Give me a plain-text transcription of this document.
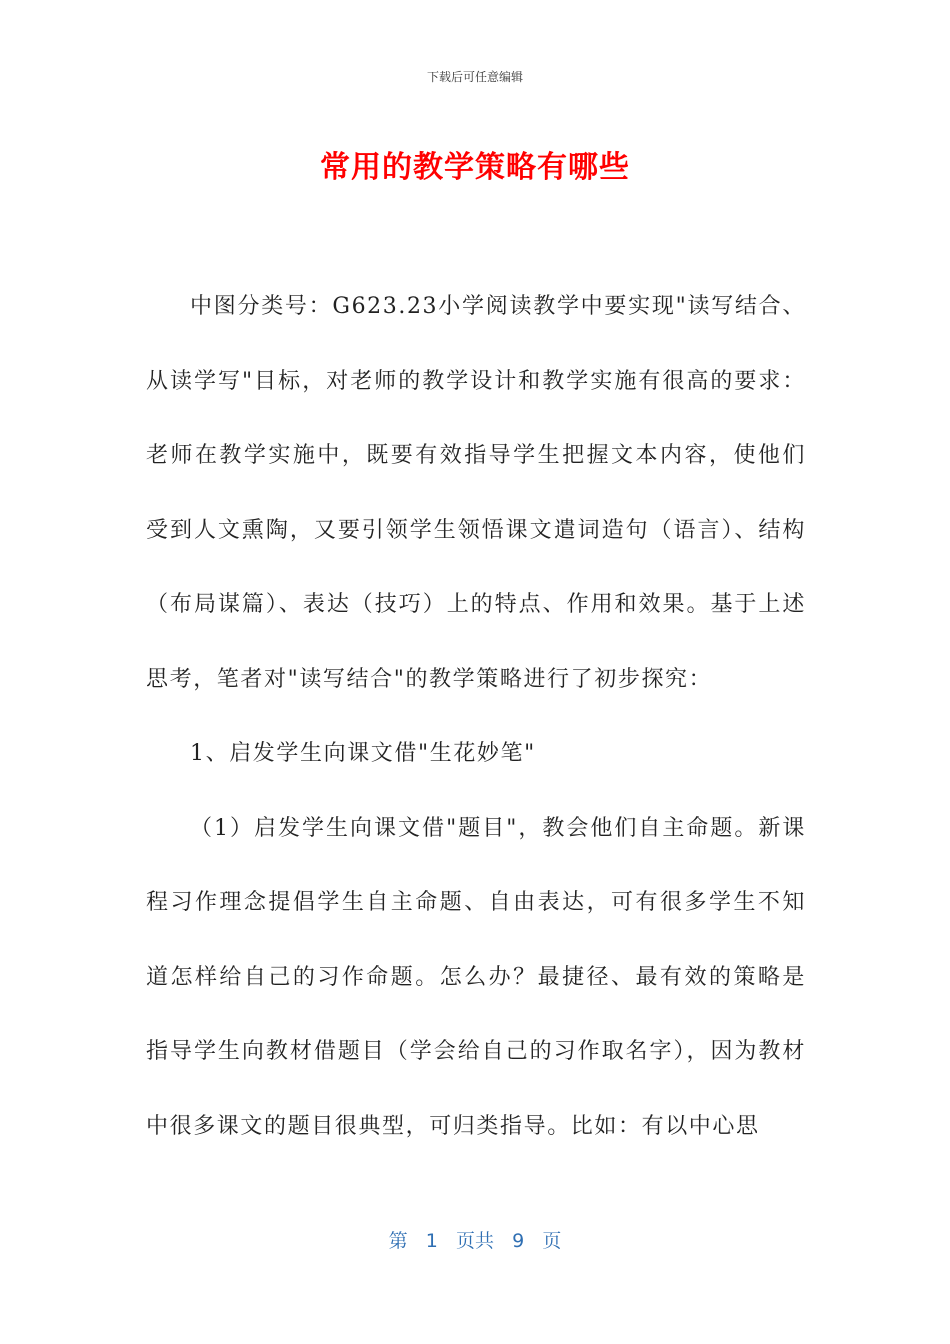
下载后可任意编辑
常用的教学策略有哪些

中图分类号：G623.23小学阅读教学中要实现"读写结合、从读学写"目标，对老师的教学设计和教学实施有很高的要求：老师在教学实施中，既要有效指导学生把握文本内容，使他们受到人文熏陶，又要引领学生领悟课文遣词造句（语言）、结构（布局谋篇）、表达（技巧）上的特点、作用和效果。基于上述思考，笔者对"读写结合"的教学策略进行了初步探究：

1、启发学生向课文借"生花妙笔"

（1）启发学生向课文借"题目"，教会他们自主命题。新课程习作理念提倡学生自主命题、自由表达，可有很多学生不知道怎样给自己的习作命题。怎么办？最捷径、最有效的策略是指导学生向教材借题目（学会给自己的习作取名字），因为教材中很多课文的题目很典型，可归类指导。比如：有以中心思

第 1 页共 9 页
